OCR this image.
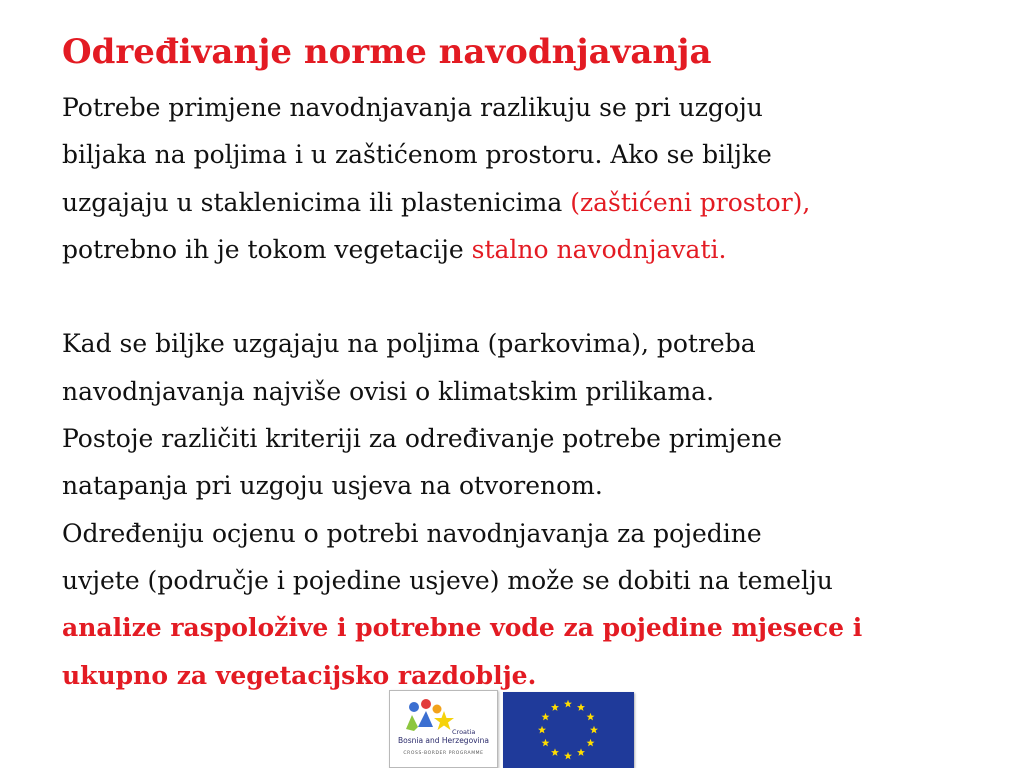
Određivanje norme navodnjavanja
Potrebe primjene navodnjavanja razlikuju se pri uzgoju
biljaka na poljima i u zaštićenom prostoru. Ako se biljke
uzgajaju u staklenicima ili plastenicima (zaštićeni prostor),
potrebno ih je tokom vegetacije stalno navodnjavati.
Kad se biljke uzgajaju na poljima (parkovima), potreba
navodnjavanja najviše ovisi o klimatskim prilikama.
Postoje različiti kriteriji za određivanje potrebe primjene
natapanja pri uzgoju usjeva na otvorenom.
Određeniju ocjenu o potrebi navodnjavanja za pojedine
uvjete (područje i pojedine usjeve) može se dobiti na temelju
analize raspoložive i potrebne vode za pojedine mjesece i
ukupno za vegetacijsko razdoblje.
Croatia
Bosnia and Herzegovina
CROSS-BORDER PROGRAMME
